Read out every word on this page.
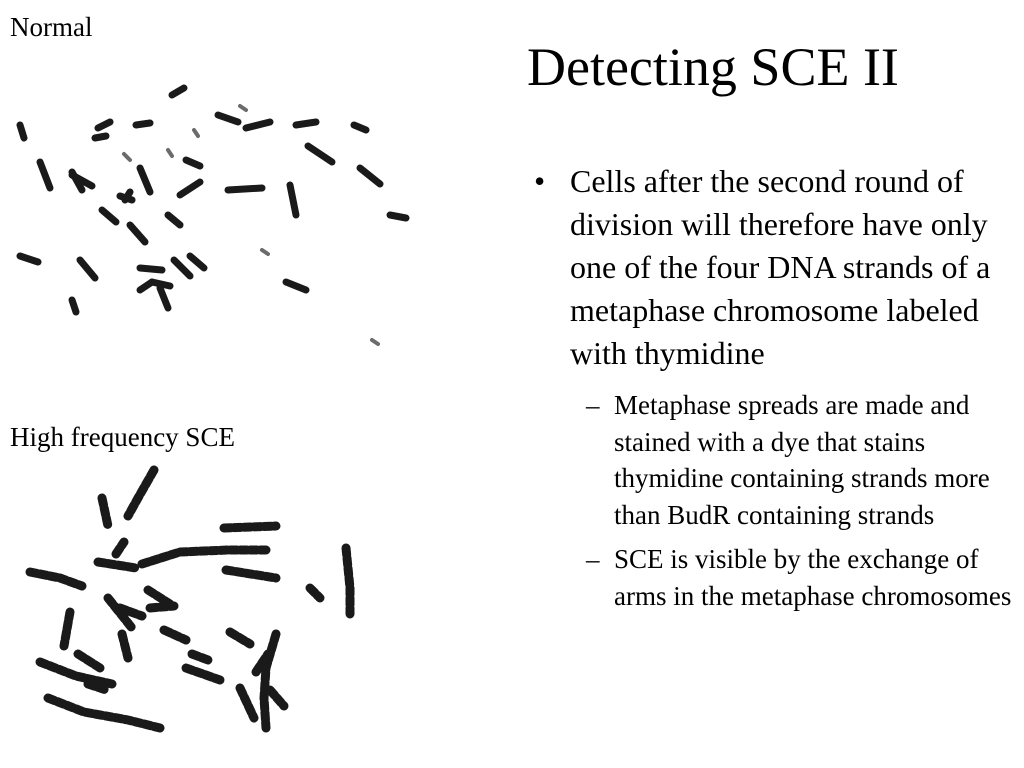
Normal
High frequency SCE
Detecting SCE II
• Cells after the second round of division will therefore have only one of the four DNA strands of a metaphase chromosome labeled with thymidine
– Metaphase spreads are made and stained with a dye that stains thymidine containing strands more than BudR containing strands
– SCE is visible by the exchange of arms in the metaphase chromosomes
